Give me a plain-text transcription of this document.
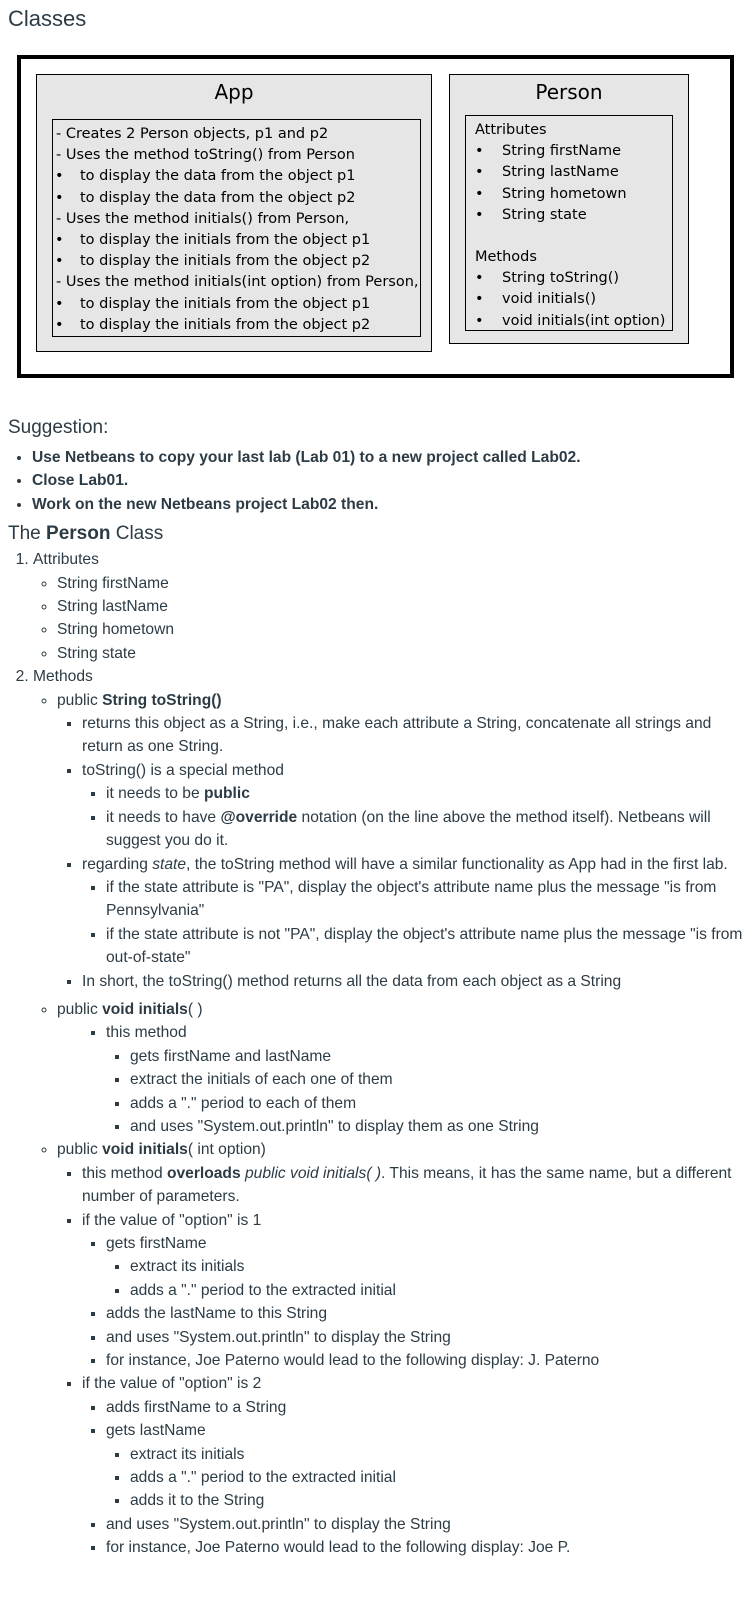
Classes
App
- Creates 2 Person objects, p1 and p2
- Uses the method toString() from Person
• to display the data from the object p1
• to display the data from the object p2
- Uses the method initials() from Person,
• to display the initials from the object p1
• to display the initials from the object p2
- Uses the method initials(int option) from Person,
• to display the initials from the object p1
• to display the initials from the object p2
Person
Attributes
• String firstName
• String lastName
• String hometown
• String state
Methods
• String toString()
• void initials()
• void initials(int option)
Suggestion:
• Use Netbeans to copy your last lab (Lab 01) to a new project called Lab02.
• Close Lab01.
• Work on the new Netbeans project Lab02 then.
The Person Class
1. Attributes
◦ String firstName
◦ String lastName
◦ String hometown
◦ String state
2. Methods
◦ public String toString()
▪ returns this object as a String, i.e., make each attribute a String, concatenate all strings and return as one String.
▪ toString() is a special method
▪ it needs to be public
▪ it needs to have @override notation (on the line above the method itself). Netbeans will suggest you do it.
▪ regarding state, the toString method will have a similar functionality as App had in the first lab.
▪ if the state attribute is "PA", display the object's attribute name plus the message "is from Pennsylvania"
▪ if the state attribute is not "PA", display the object's attribute name plus the message "is from out-of-state"
▪ In short, the toString() method returns all the data from each object as a String
◦ public void initials( )
▪ this method
▪ gets firstName and lastName
▪ extract the initials of each one of them
▪ adds a "." period to each of them
▪ and uses "System.out.println" to display them as one String
◦ public void initials( int option)
▪ this method overloads public void initials( ). This means, it has the same name, but a different number of parameters.
▪ if the value of "option" is 1
▪ gets firstName
▪ extract its initials
▪ adds a "." period to the extracted initial
▪ adds the lastName to this String
▪ and uses "System.out.println" to display the String
▪ for instance, Joe Paterno would lead to the following display: J. Paterno
▪ if the value of "option" is 2
▪ adds firstName to a String
▪ gets lastName
▪ extract its initials
▪ adds a "." period to the extracted initial
▪ adds it to the String
▪ and uses "System.out.println" to display the String
▪ for instance, Joe Paterno would lead to the following display: Joe P.
